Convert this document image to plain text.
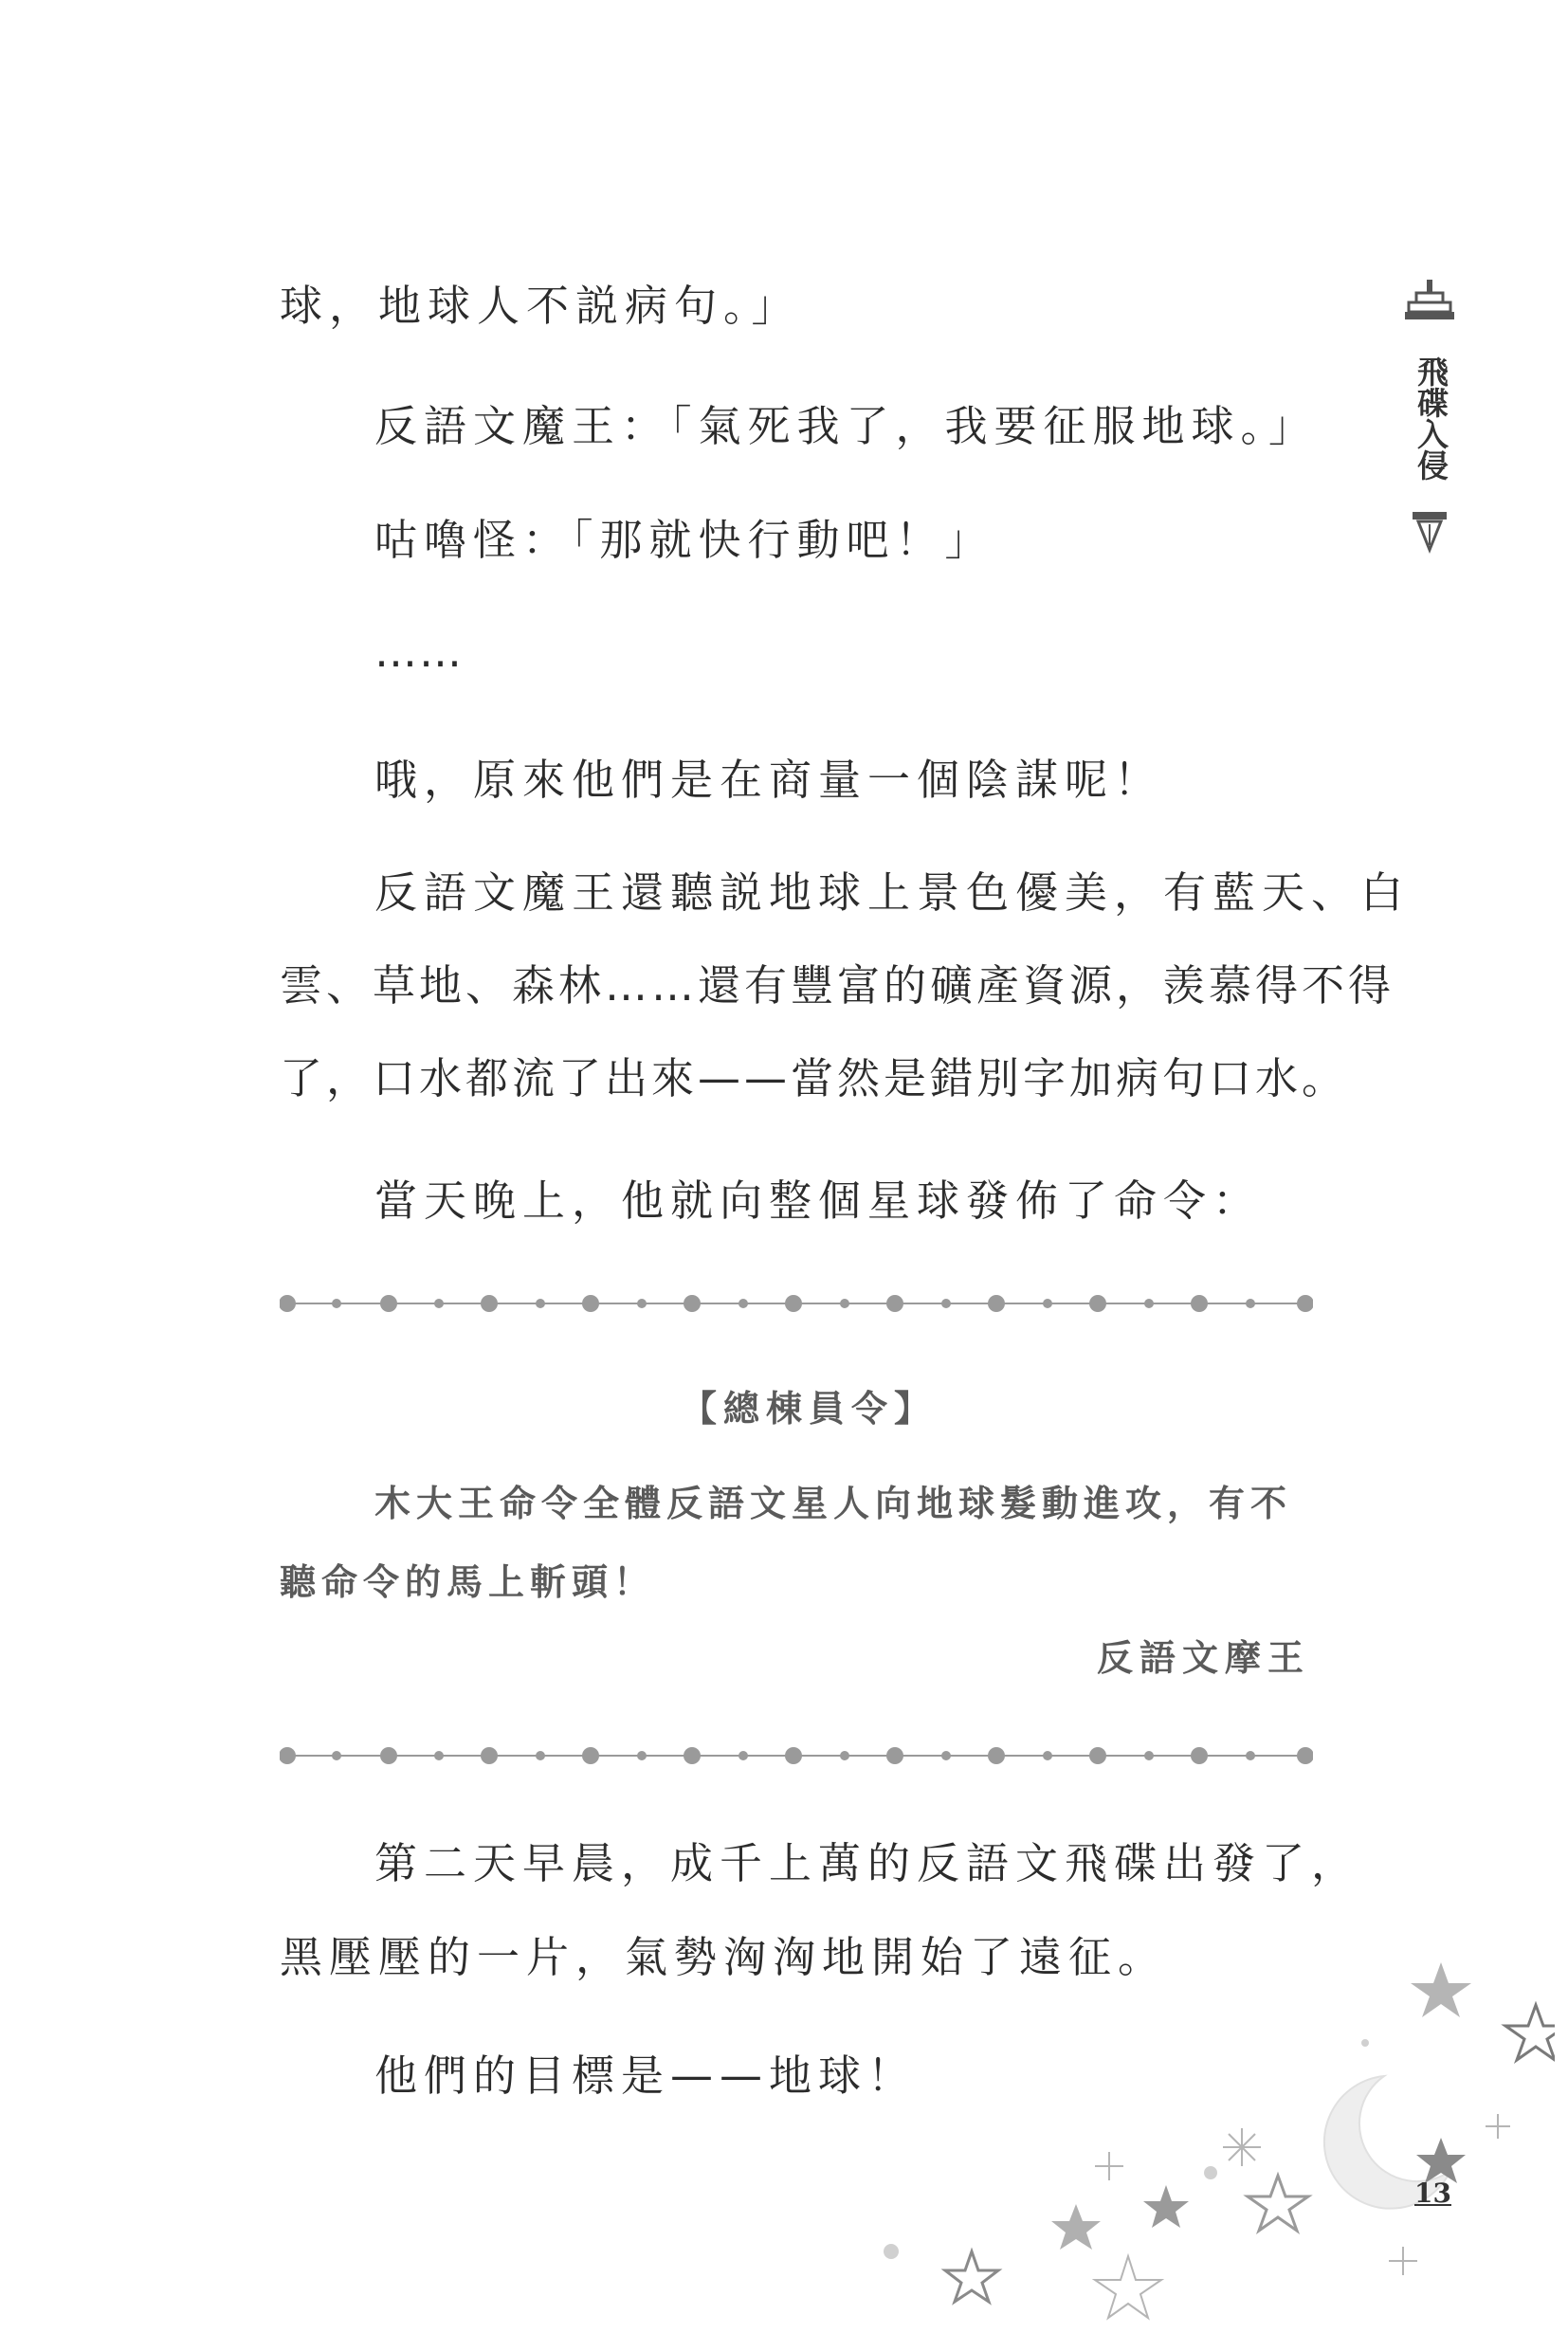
飛碟入侵

球，地球人不説病句。」

反語文魔王：「氣死我了，我要征服地球。」

咕嚕怪：「那就快行動吧！」

……

哦，原來他們是在商量一個陰謀呢！

反語文魔王還聽説地球上景色優美，有藍天、白

雲、草地、森林……還有豐富的礦產資源，羡慕得不得

了，口水都流了出來——當然是錯別字加病句口水。

當天晚上，他就向整個星球發佈了命令：

【總棟員令】
木大王命令全體反語文星人向地球髮動進攻，有不
聽命令的馬上斬頭！
反語文摩王

第二天早晨，成千上萬的反語文飛碟出發了，

黑壓壓的一片，氣勢洶洶地開始了遠征。

他們的目標是——地球！

13
